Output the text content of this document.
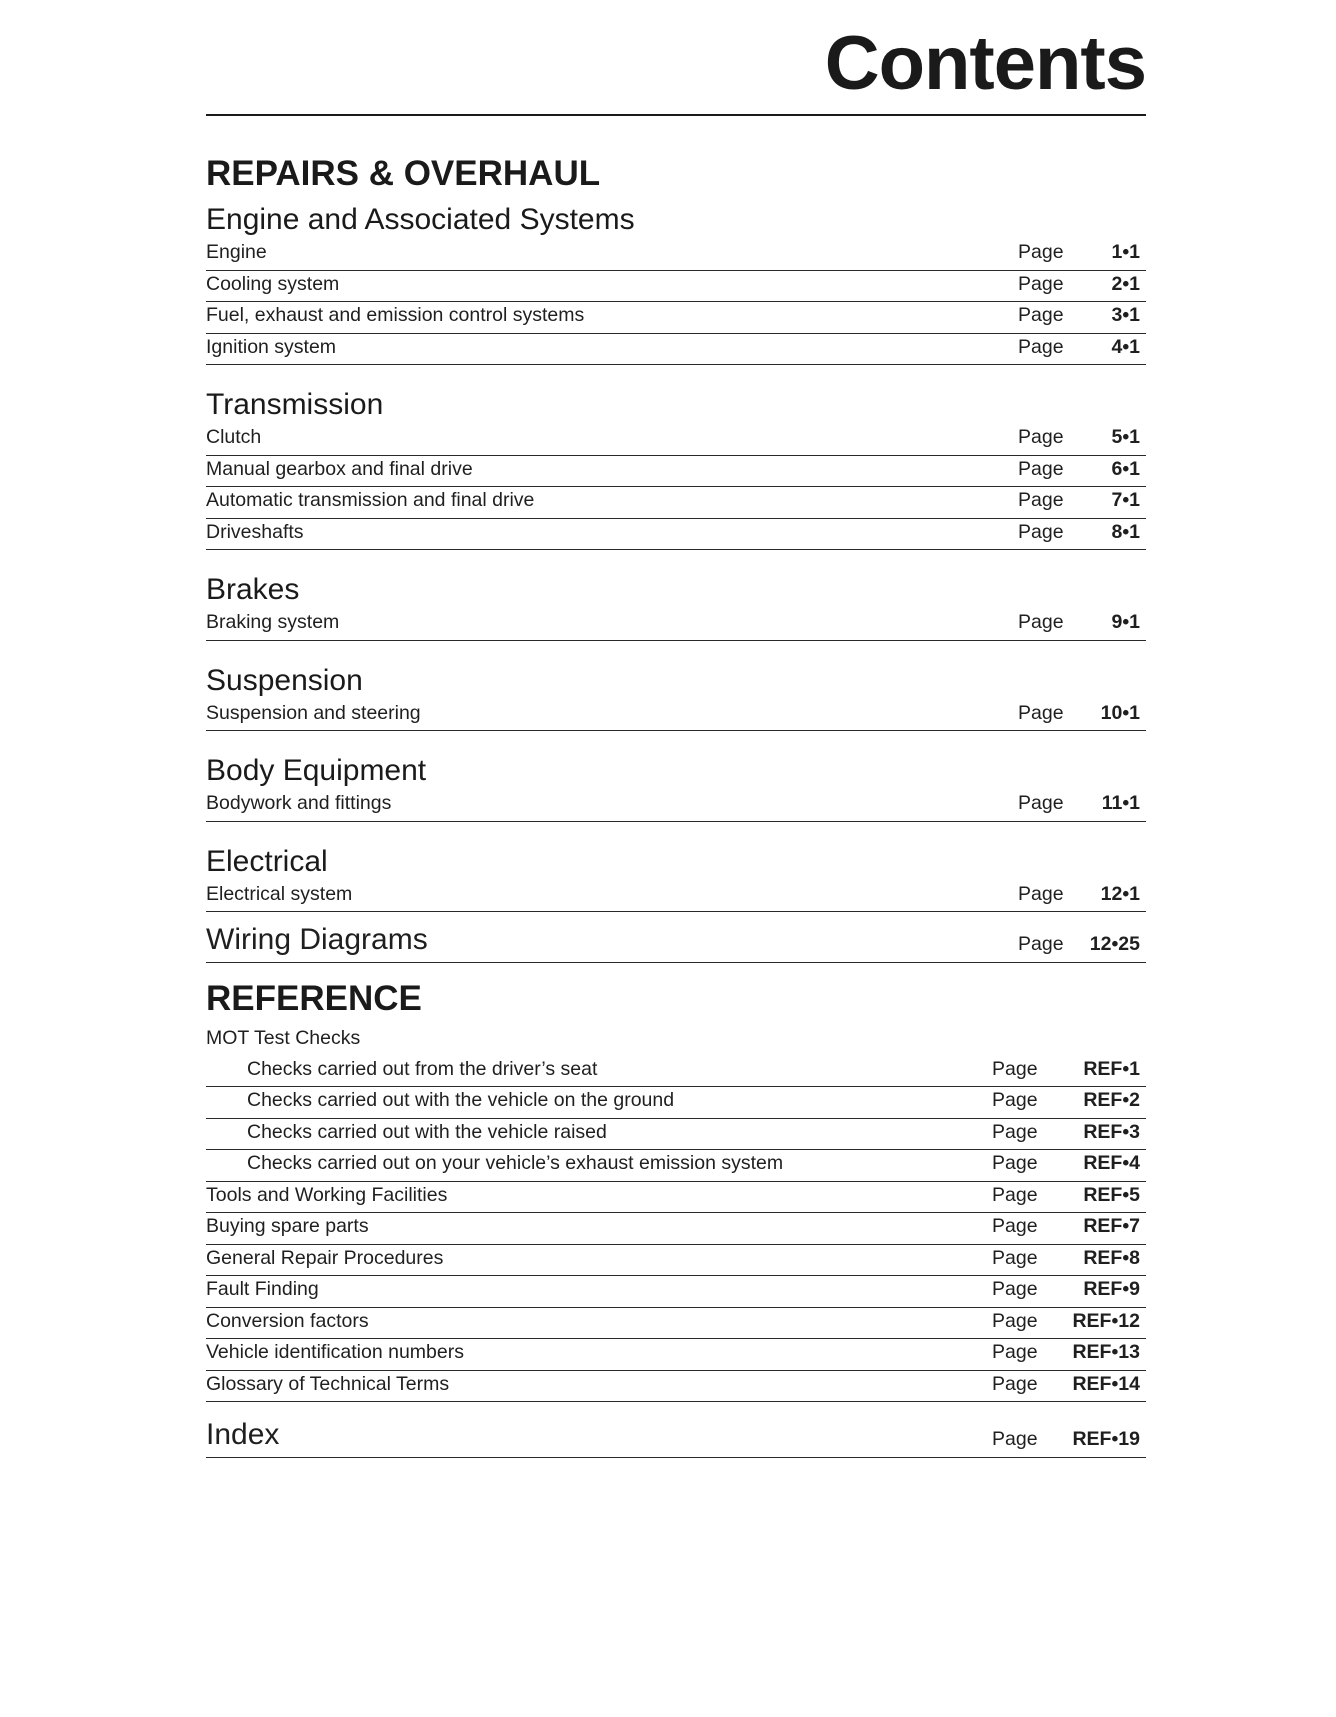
Contents
REPAIRS & OVERHAUL
Engine and Associated Systems
Engine	Page	1•1
Cooling system	Page	2•1
Fuel, exhaust and emission control systems	Page	3•1
Ignition system	Page	4•1
Transmission
Clutch	Page	5•1
Manual gearbox and final drive	Page	6•1
Automatic transmission and final drive	Page	7•1
Driveshafts	Page	8•1
Brakes
Braking system	Page	9•1
Suspension
Suspension and steering	Page	10•1
Body Equipment
Bodywork and fittings	Page	11•1
Electrical
Electrical system	Page	12•1
Wiring Diagrams	Page	12•25
REFERENCE
MOT Test Checks
Checks carried out from the driver’s seat	Page	REF•1
Checks carried out with the vehicle on the ground	Page	REF•2
Checks carried out with the vehicle raised	Page	REF•3
Checks carried out on your vehicle’s exhaust emission system	Page	REF•4
Tools and Working Facilities	Page	REF•5
Buying spare parts	Page	REF•7
General Repair Procedures	Page	REF•8
Fault Finding	Page	REF•9
Conversion factors	Page	REF•12
Vehicle identification numbers	Page	REF•13
Glossary of Technical Terms	Page	REF•14
Index	Page	REF•19
